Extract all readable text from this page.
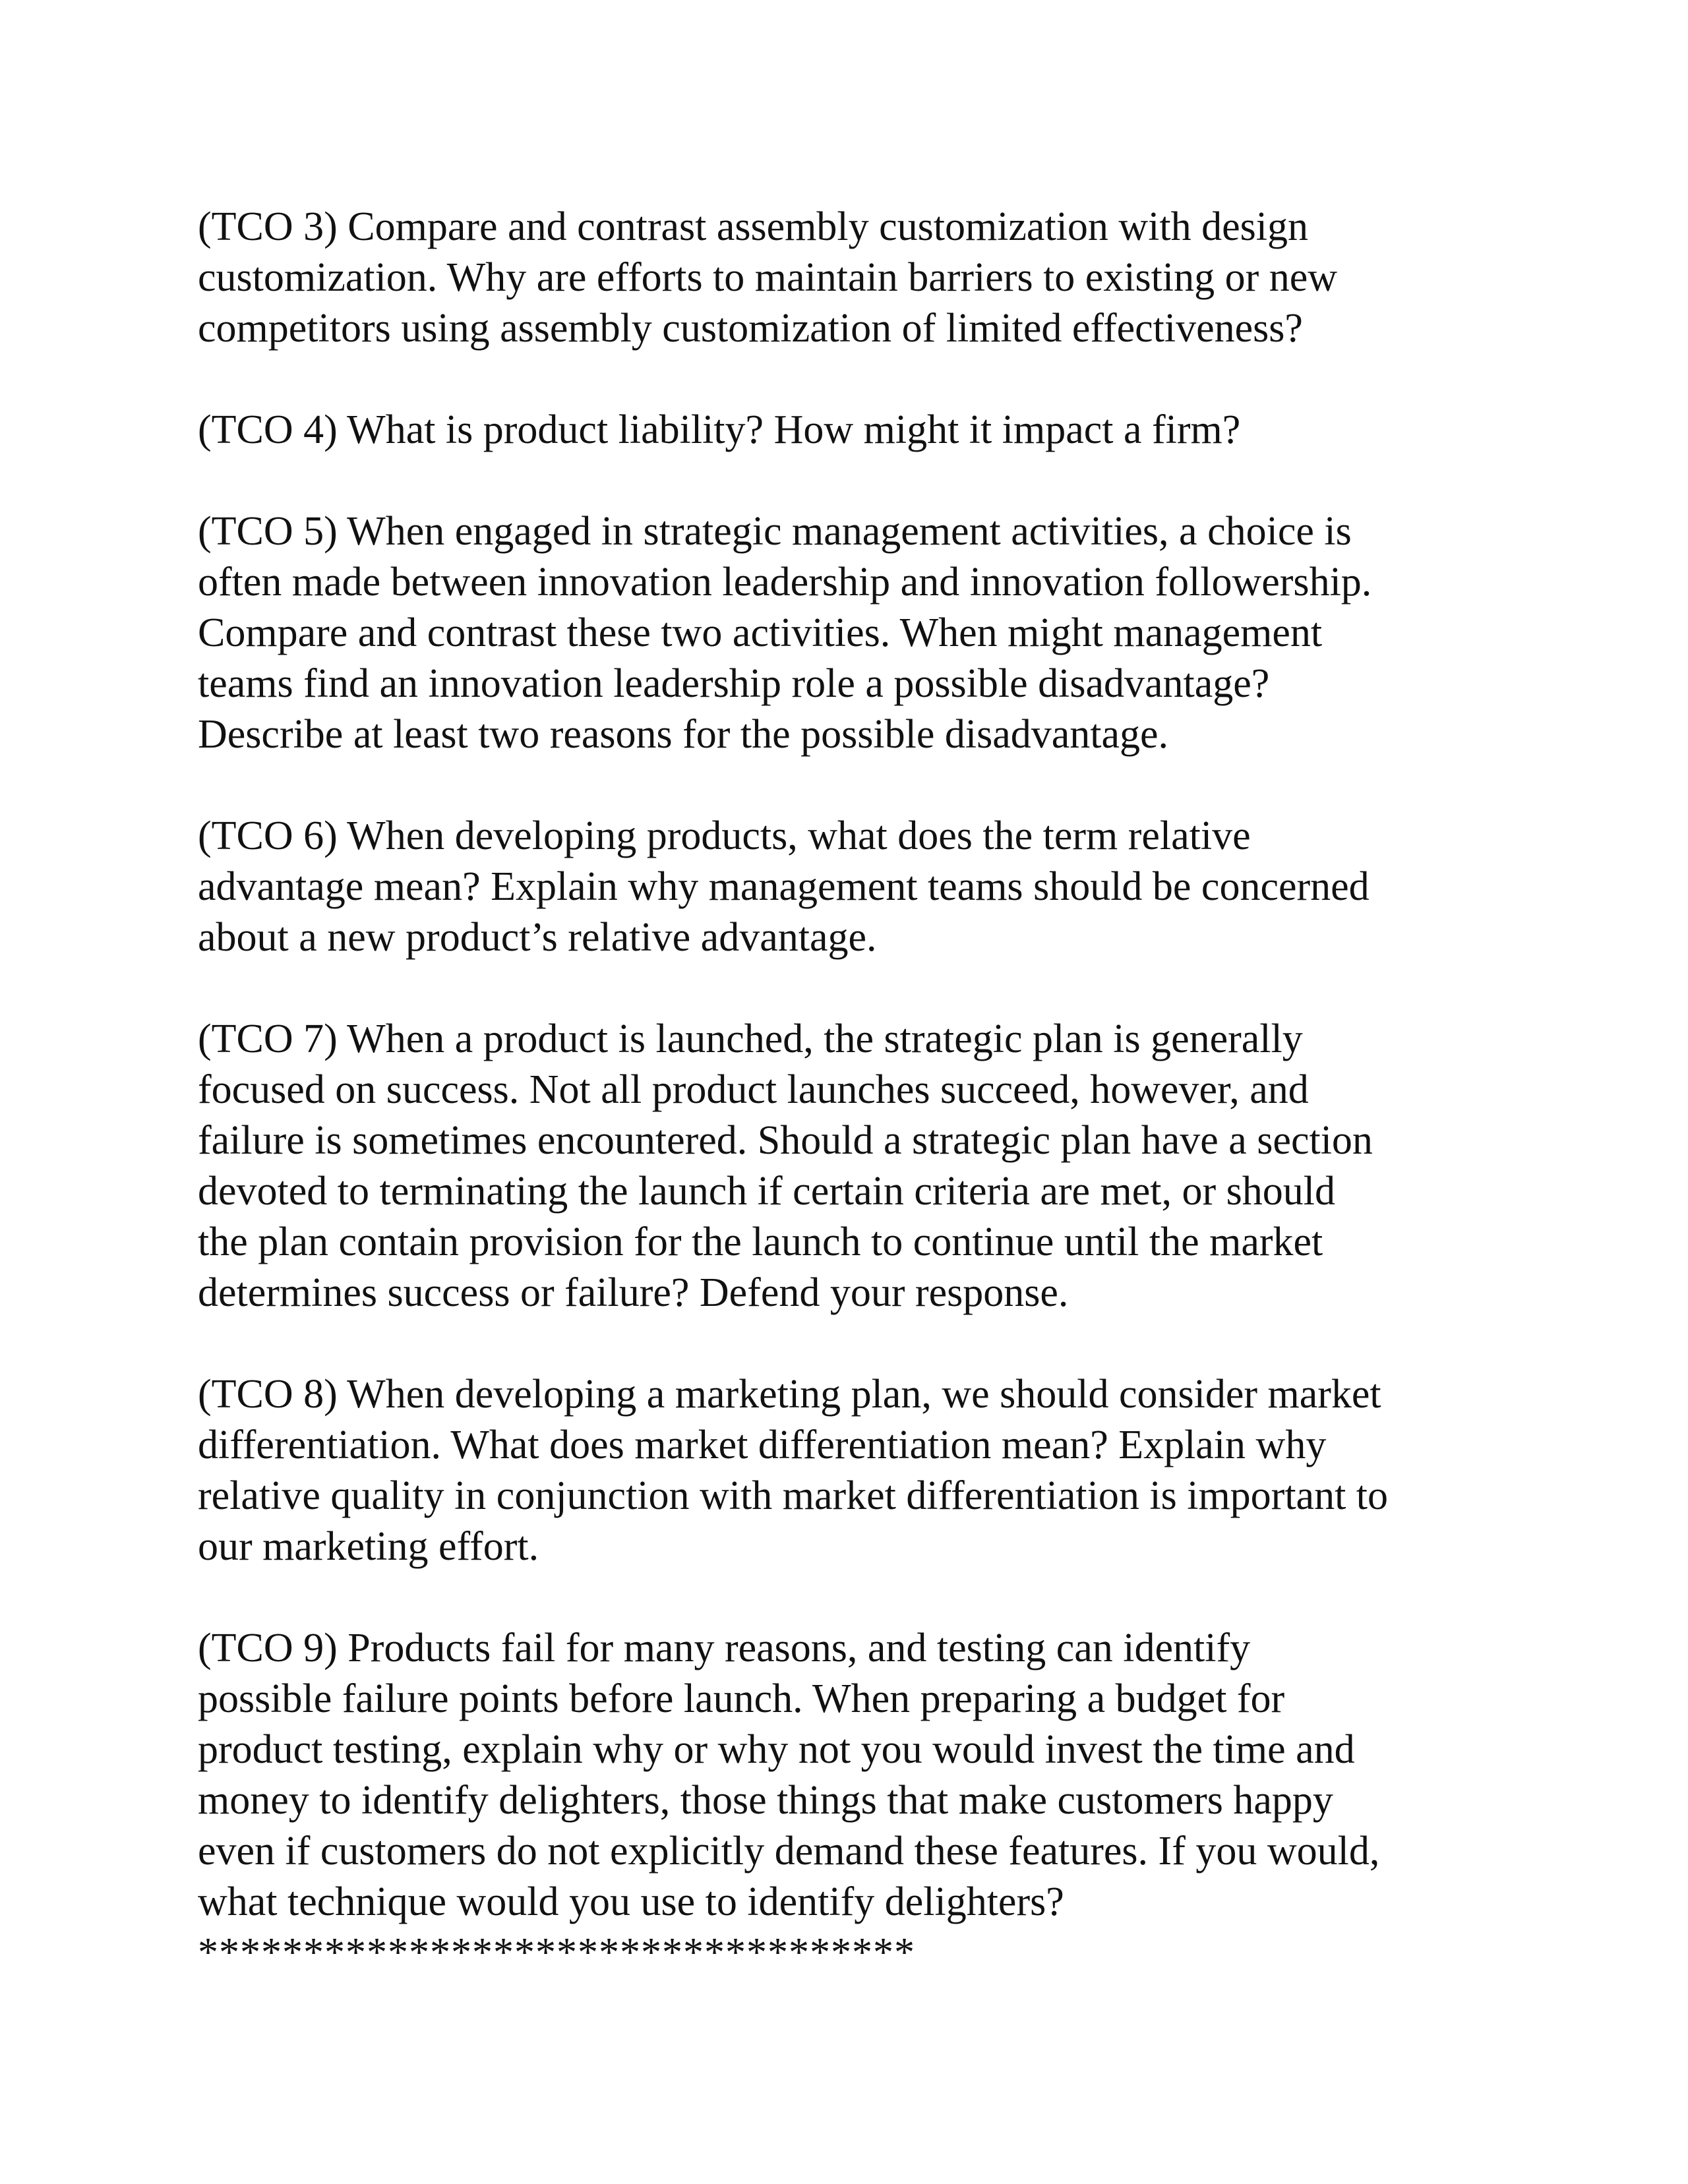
(TCO 3) Compare and contrast assembly customization with design
customization. Why are efforts to maintain barriers to existing or new
competitors using assembly customization of limited effectiveness?

(TCO 4) What is product liability? How might it impact a firm?

(TCO 5) When engaged in strategic management activities, a choice is
often made between innovation leadership and innovation followership.
Compare and contrast these two activities. When might management
teams find an innovation leadership role a possible disadvantage?
Describe at least two reasons for the possible disadvantage.

(TCO 6) When developing products, what does the term relative
advantage mean? Explain why management teams should be concerned
about a new product’s relative advantage.

(TCO 7) When a product is launched, the strategic plan is generally
focused on success. Not all product launches succeed, however, and
failure is sometimes encountered. Should a strategic plan have a section
devoted to terminating the launch if certain criteria are met, or should
the plan contain provision for the launch to continue until the market
determines success or failure? Defend your response.

(TCO 8) When developing a marketing plan, we should consider market
differentiation. What does market differentiation mean? Explain why
relative quality in conjunction with market differentiation is important to
our marketing effort.

(TCO 9) Products fail for many reasons, and testing can identify
possible failure points before launch. When preparing a budget for
product testing, explain why or why not you would invest the time and
money to identify delighters, those things that make customers happy
even if customers do not explicitly demand these features. If you would,
what technique would you use to identify delighters?

**********************************
